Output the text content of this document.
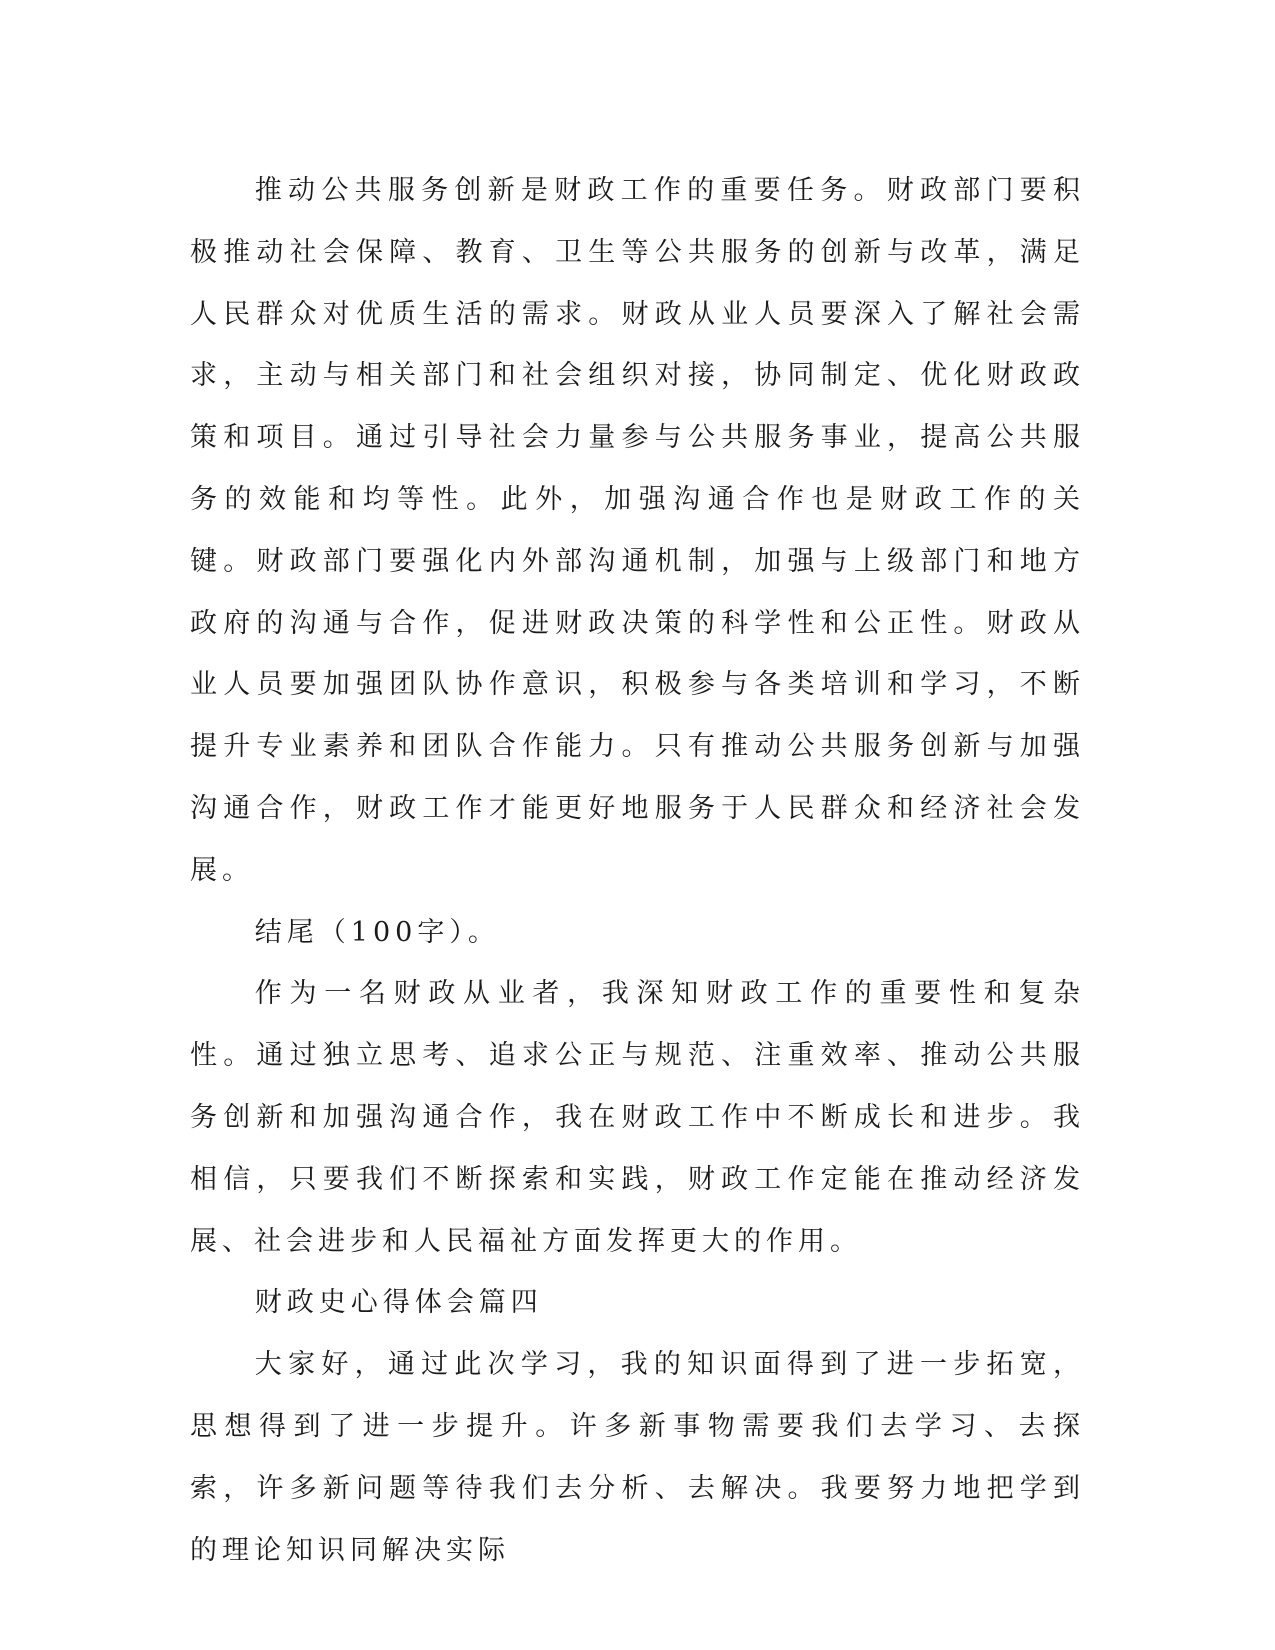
推动公共服务创新是财政工作的重要任务。财政部门要积极推动社会保障、教育、卫生等公共服务的创新与改革，满足人民群众对优质生活的需求。财政从业人员要深入了解社会需求，主动与相关部门和社会组织对接，协同制定、优化财政政策和项目。通过引导社会力量参与公共服务事业，提高公共服务的效能和均等性。此外，加强沟通合作也是财政工作的关键。财政部门要强化内外部沟通机制，加强与上级部门和地方政府的沟通与合作，促进财政决策的科学性和公正性。财政从业人员要加强团队协作意识，积极参与各类培训和学习，不断提升专业素养和团队合作能力。只有推动公共服务创新与加强沟通合作，财政工作才能更好地服务于人民群众和经济社会发展。

结尾（100字）。

作为一名财政从业者，我深知财政工作的重要性和复杂性。通过独立思考、追求公正与规范、注重效率、推动公共服务创新和加强沟通合作，我在财政工作中不断成长和进步。我相信，只要我们不断探索和实践，财政工作定能在推动经济发展、社会进步和人民福祉方面发挥更大的作用。

财政史心得体会篇四

大家好，通过此次学习，我的知识面得到了进一步拓宽，思想得到了进一步提升。许多新事物需要我们去学习、去探索，许多新问题等待我们去分析、去解决。我要努力地把学到的理论知识同解决实际
